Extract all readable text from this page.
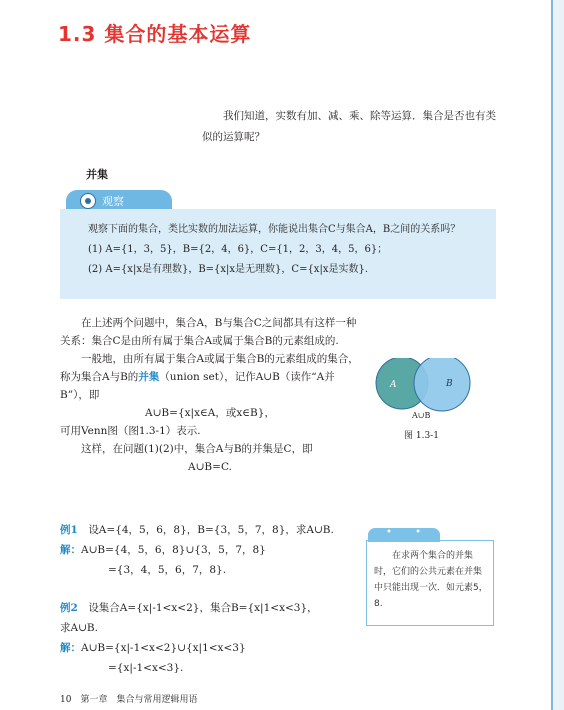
1.3 集合的基本运算

我们知道，实数有加、减、乘、除等运算．集合是否也有类似的运算呢？

并集
观察

观察下面的集合，类比实数的加法运算，你能说出集合C与集合A，B之间的关系吗？

(1) A={1，3，5}，B={2，4，6}，C={1，2，3，4，5，6}；

(2) A={x|x是有理数}，B={x|x是无理数}，C={x|x是实数}.

在上述两个问题中，集合A，B与集合C之间都具有这样一种关系：集合C是由所有属于集合A或属于集合B的元素组成的.

一般地，由所有属于集合A或属于集合B的元素组成的集合，称为集合A与B的并集（union set），记作A∪B（读作“A并B”），即

A∪B={x|x∈A，或x∈B}，

可用Venn图（图1.3-1）表示.

这样，在问题(1)(2)中，集合A与B的并集是C，即

A∪B=C.

A	B
A∪B
图 1.3-1

例1　 设A={4，5，6，8}，B={3，5，7，8}，求A∪B.

解：A∪B={4，5，6，8}∪{3，5，7，8}

={3，4，5，6，7，8}.

例2　 设集合A={x|-1<x<2}，集合B={x|1<x<3}，

求A∪B.

解：A∪B={x|-1<x<2}∪{x|1<x<3}

={x|-1<x<3}.

• • •

在求两个集合的并集时，它们的公共元素在并集中只能出现一次．如元素5，8.

10　 第一章　集合与常用逻辑用语
